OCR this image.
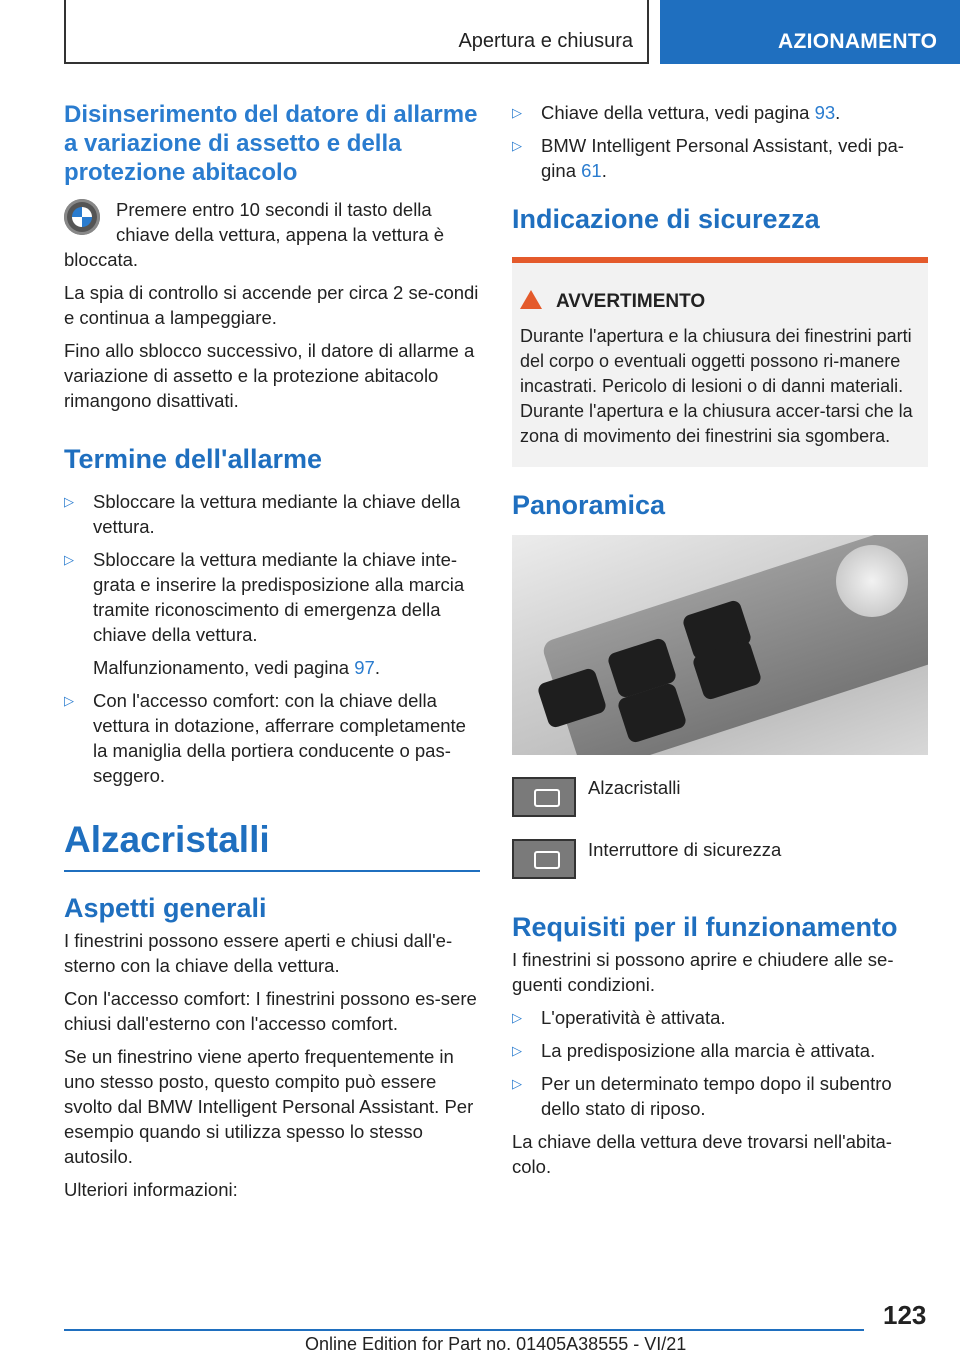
Apertura e chiusura	AZIONAMENTO
Disinserimento del datore di allarme a variazione di assetto e della protezione abitacolo

Premere entro 10 secondi il tasto della chiave della vettura, appena la vettura è

bloccata.

La spia di controllo si accende per circa 2 se-condi e continua a lampeggiare.

Fino allo sblocco successivo, il datore di allarme a variazione di assetto e la protezione abitacolo rimangono disattivati.

Termine dell'allarme
▷ Sbloccare la vettura mediante la chiave della vettura.
▷ Sbloccare la vettura mediante la chiave inte-grata e inserire la predisposizione alla marcia tramite riconoscimento di emergenza della chiave della vettura.
Malfunzionamento, vedi pagina 97.
▷ Con l'accesso comfort: con la chiave della vettura in dotazione, afferrare completamente la maniglia della portiera conducente o pas-seggero.
Alzacristalli
Aspetti generali

I finestrini possono essere aperti e chiusi dall'e-sterno con la chiave della vettura.

Con l'accesso comfort: I finestrini possono es-sere chiusi dall'esterno con l'accesso comfort.

Se un finestrino viene aperto frequentemente in uno stesso posto, questo compito può essere svolto dal BMW Intelligent Personal Assistant. Per esempio quando si utilizza spesso lo stesso autosilo.

Ulteriori informazioni:

▷ Chiave della vettura, vedi pagina 93.
▷ BMW Intelligent Personal Assistant, vedi pa-gina 61.
Indicazione di sicurezza
AVVERTIMENTO
Durante l'apertura e la chiusura dei finestrini parti del corpo o eventuali oggetti possono ri-manere incastrati. Pericolo di lesioni o di danni materiali. Durante l'apertura e la chiusura accer-tarsi che la zona di movimento dei finestrini sia sgombera.
Panoramica
Alzacristalli
Interruttore di sicurezza
Requisiti per il funzionamento

I finestrini si possono aprire e chiudere alle se-guenti condizioni.

▷ L'operatività è attivata.
▷ La predisposizione alla marcia è attivata.
▷ Per un determinato tempo dopo il subentro dello stato di riposo.

La chiave della vettura deve trovarsi nell'abita-colo.

123
Online Edition for Part no. 01405A38555 - VI/21
